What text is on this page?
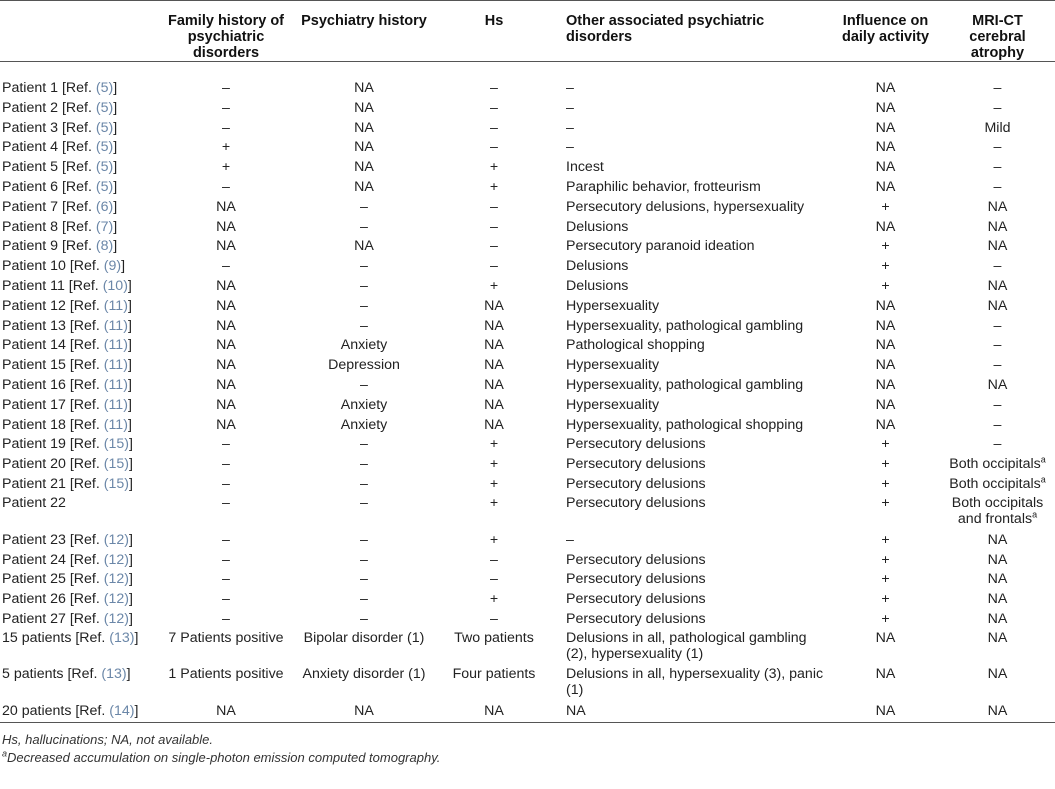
	Family history of psychiatric disorders	Psychiatry history	Hs	Other associated psychiatric disorders	Influence on daily activity	MRI-CT cerebral atrophy
Patient 1 [Ref. (5)]	–	NA	–	–	NA	–
Patient 2 [Ref. (5)]	–	NA	–	–	NA	–
Patient 3 [Ref. (5)]	–	NA	–	–	NA	Mild
Patient 4 [Ref. (5)]	+	NA	–	–	NA	–
Patient 5 [Ref. (5)]	+	NA	+	Incest	NA	–
Patient 6 [Ref. (5)]	–	NA	+	Paraphilic behavior, frotteurism	NA	–
Patient 7 [Ref. (6)]	NA	–	–	Persecutory delusions, hypersexuality	+	NA
Patient 8 [Ref. (7)]	NA	–	–	Delusions	NA	NA
Patient 9 [Ref. (8)]	NA	NA	–	Persecutory paranoid ideation	+	NA
Patient 10 [Ref. (9)]	–	–	–	Delusions	+	–
Patient 11 [Ref. (10)]	NA	–	+	Delusions	+	NA
Patient 12 [Ref. (11)]	NA	–	NA	Hypersexuality	NA	NA
Patient 13 [Ref. (11)]	NA	–	NA	Hypersexuality, pathological gambling	NA	–
Patient 14 [Ref. (11)]	NA	Anxiety	NA	Pathological shopping	NA	–
Patient 15 [Ref. (11)]	NA	Depression	NA	Hypersexuality	NA	–
Patient 16 [Ref. (11)]	NA	–	NA	Hypersexuality, pathological gambling	NA	NA
Patient 17 [Ref. (11)]	NA	Anxiety	NA	Hypersexuality	NA	–
Patient 18 [Ref. (11)]	NA	Anxiety	NA	Hypersexuality, pathological shopping	NA	–
Patient 19 [Ref. (15)]	–	–	+	Persecutory delusions	+	–
Patient 20 [Ref. (15)]	–	–	+	Persecutory delusions	+	Both occipitals$^a$
Patient 21 [Ref. (15)]	–	–	+	Persecutory delusions	+	Both occipitals$^a$
Patient 22	–	–	+	Persecutory delusions	+	Both occipitals and frontals$^a$
Patient 23 [Ref. (12)]	–	–	+	–	+	NA
Patient 24 [Ref. (12)]	–	–	–	Persecutory delusions	+	NA
Patient 25 [Ref. (12)]	–	–	–	Persecutory delusions	+	NA
Patient 26 [Ref. (12)]	–	–	+	Persecutory delusions	+	NA
Patient 27 [Ref. (12)]	–	–	–	Persecutory delusions	+	NA
15 patients [Ref. (13)]	7 Patients positive	Bipolar disorder (1)	Two patients	Delusions in all, pathological gambling (2), hypersexuality (1)	NA	NA
5 patients [Ref. (13)]	1 Patients positive	Anxiety disorder (1)	Four patients	Delusions in all, hypersexuality (3), panic (1)	NA	NA
20 patients [Ref. (14)]	NA	NA	NA	NA	NA	NA
Hs, hallucinations; NA, not available.
$^a$Decreased accumulation on single-photon emission computed tomography.
